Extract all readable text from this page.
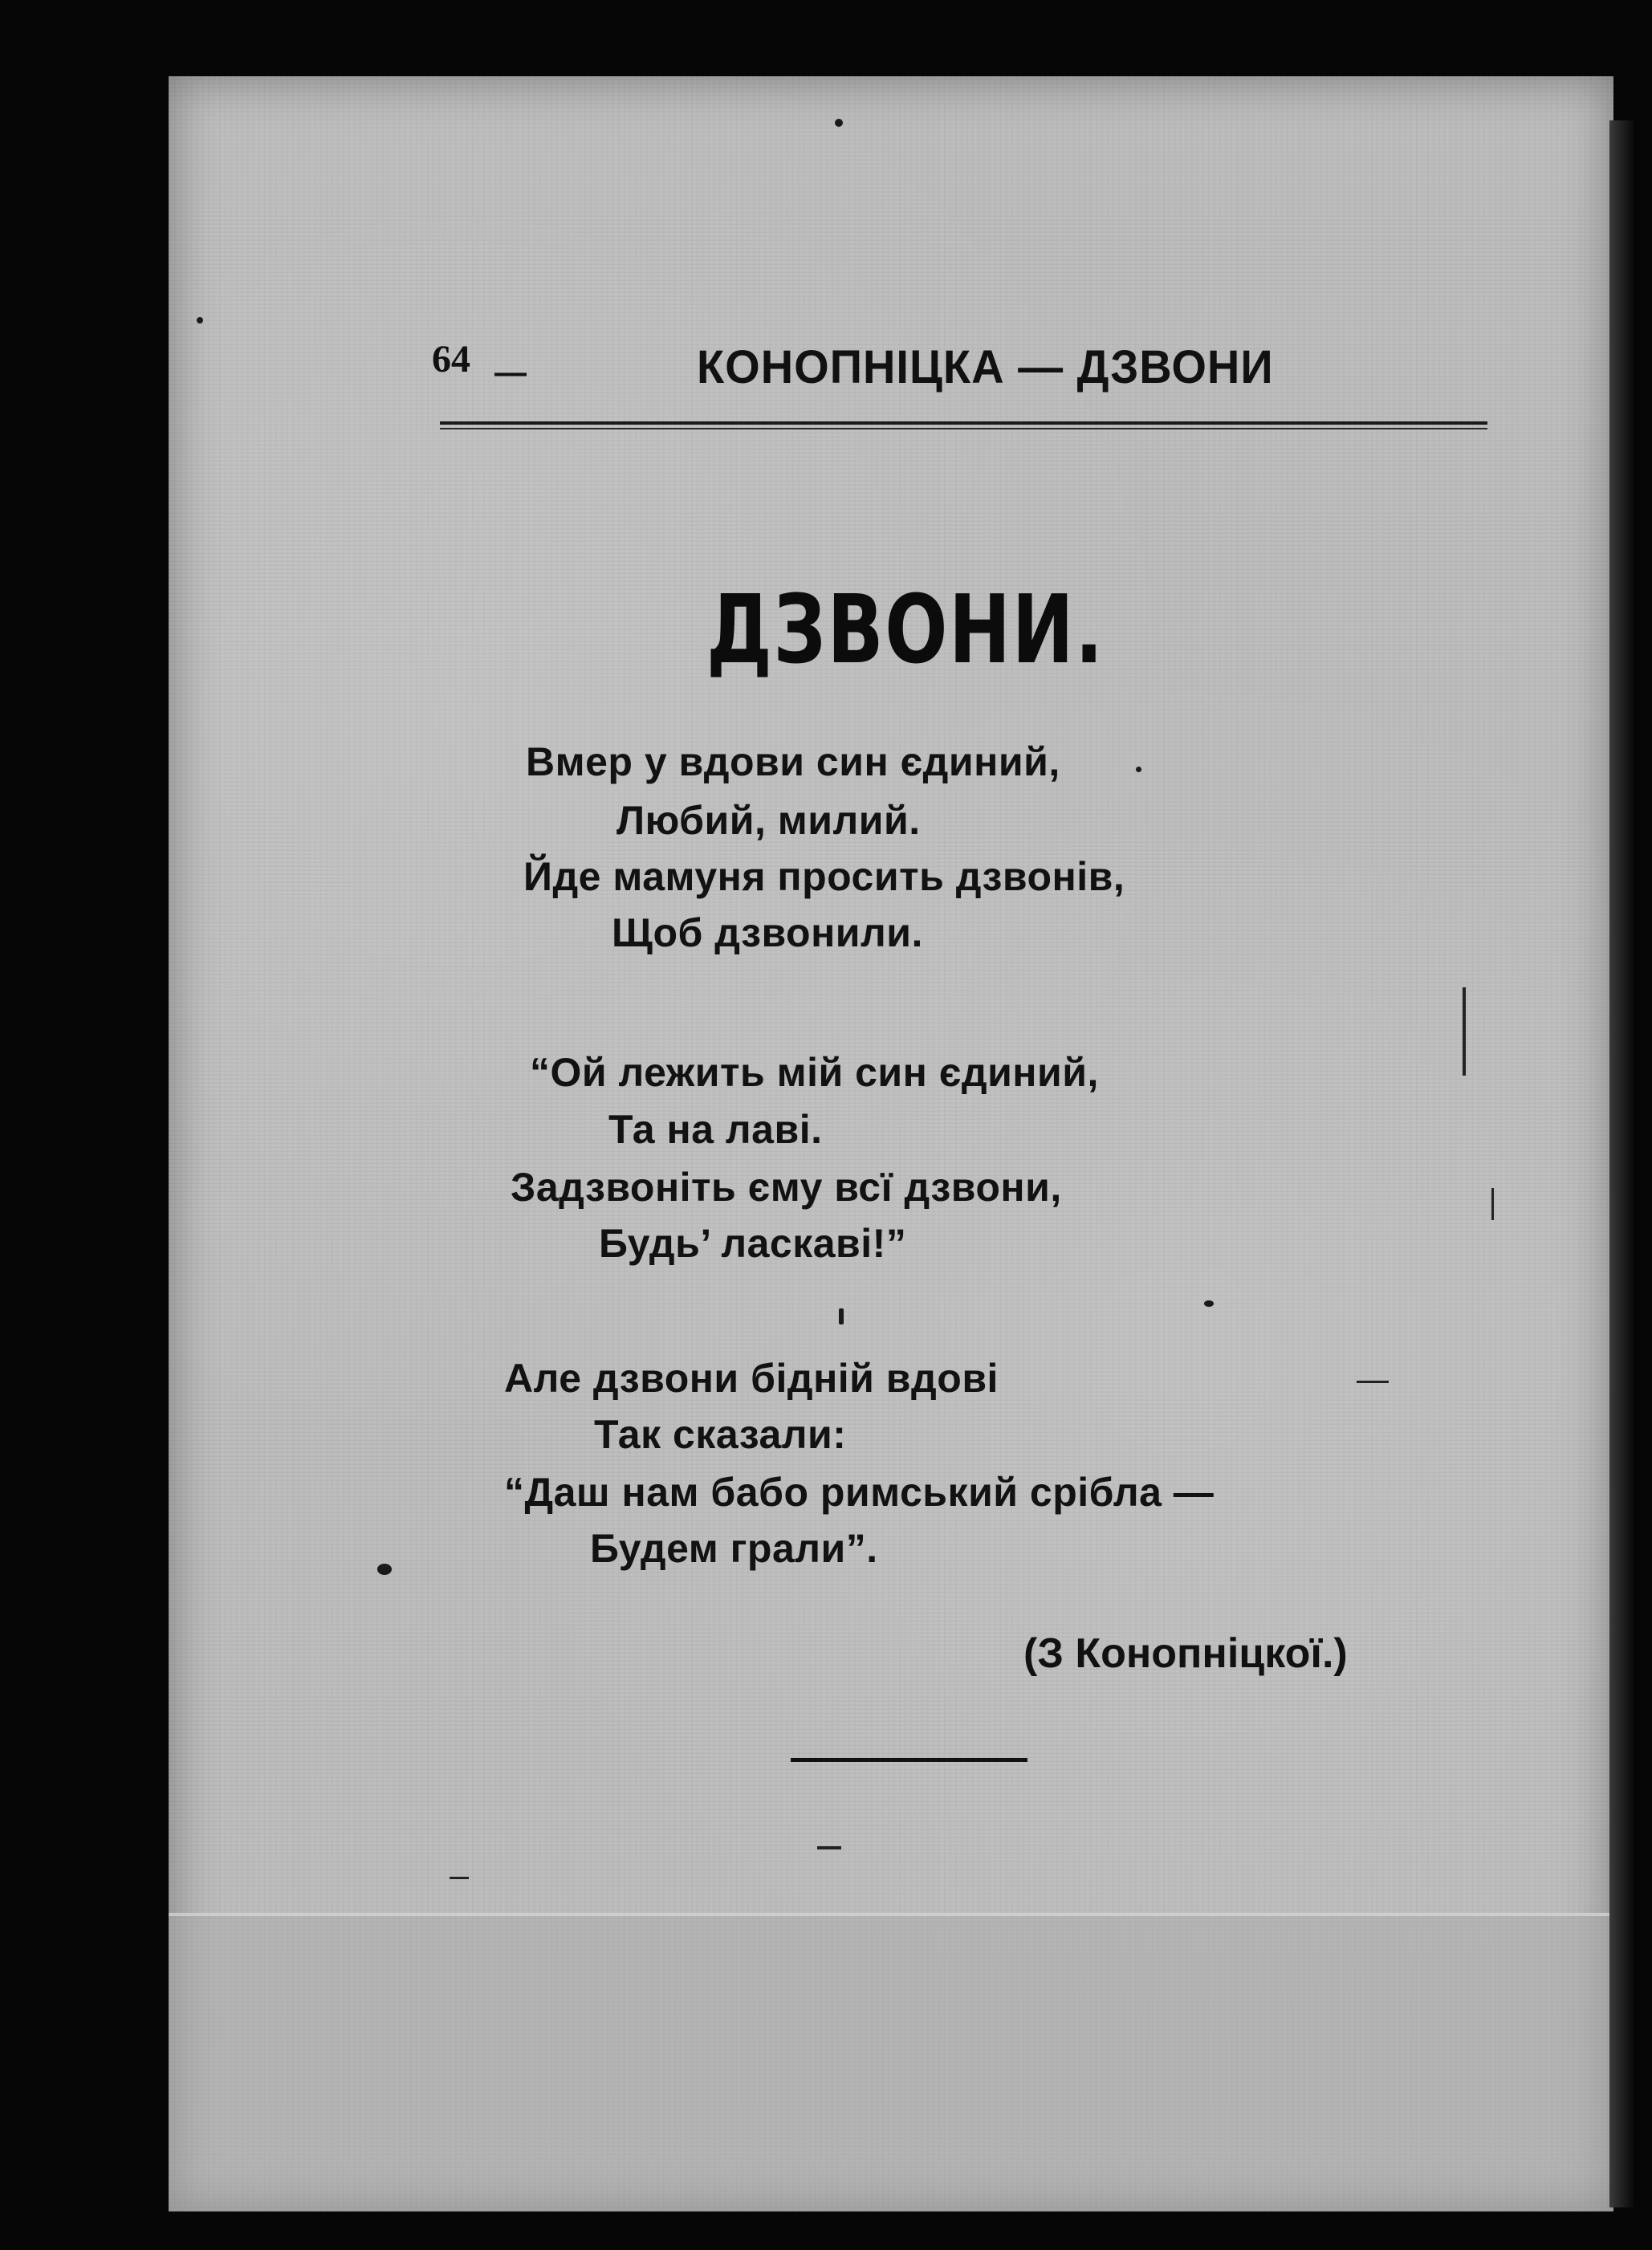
64 —	КОНОПНІЦКА — ДЗВОНИ
ДЗВОНИ.
Вмер у вдови син єдиний,
Любий, милий.
Йде мамуня просить дзвонів,
Щоб дзвонили.
“Ой лежить мій син єдиний,
Та на лаві.
Задзвоніть єму всї дзвони,
Будь’ ласкаві!”
Але дзвони бідній вдові
Так сказали:
“Даш нам бабо римський срібла —
Будем грали”.
(З Конопніцкої.)
